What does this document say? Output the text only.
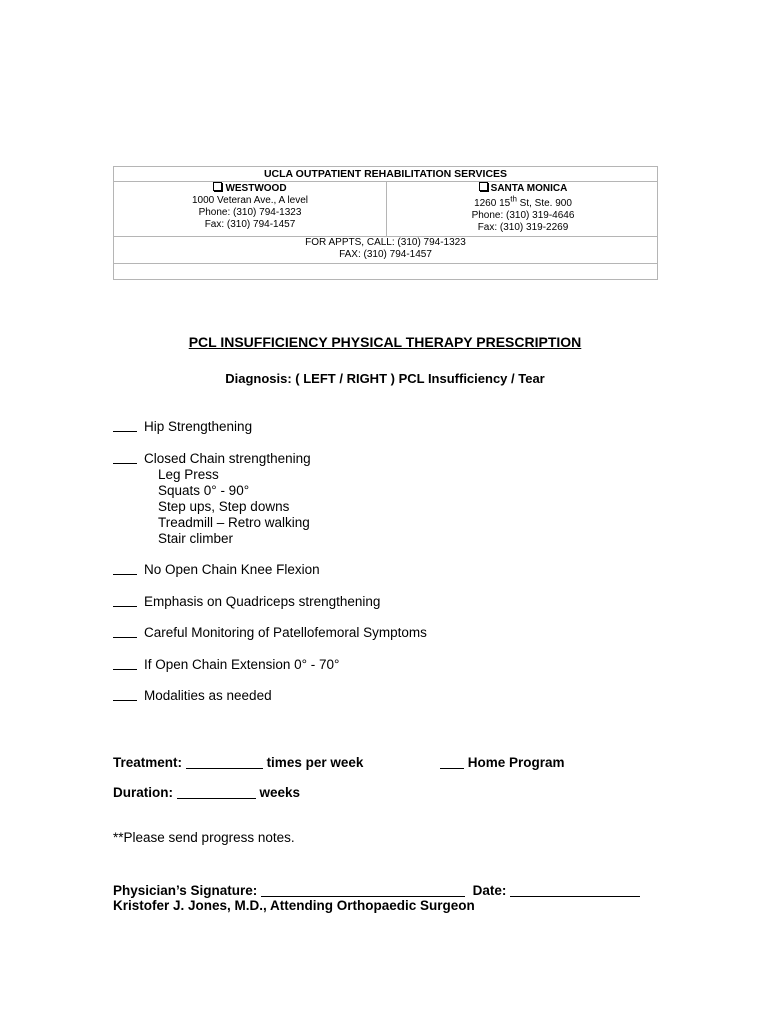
UCLA OUTPATIENT REHABILITATION SERVICES
WESTWOOD
1000 Veteran Ave., A level
Phone: (310) 794-1323
Fax: (310) 794-1457
SANTA MONICA
1260 15th St, Ste. 900
Phone: (310) 319-4646
Fax: (310) 319-2269
FOR APPTS, CALL: (310) 794-1323
FAX: (310) 794-1457
PCL INSUFFICIENCY PHYSICAL THERAPY PRESCRIPTION
Diagnosis: ( LEFT / RIGHT ) PCL Insufficiency / Tear
Hip Strengthening
Closed Chain strengthening
Leg Press
Squats 0° - 90°
Step ups, Step downs
Treadmill – Retro walking
Stair climber
No Open Chain Knee Flexion
Emphasis on Quadriceps strengthening
Careful Monitoring of Patellofemoral Symptoms
If Open Chain Extension 0° - 70°
Modalities as needed
Treatment:	times per week	Home Program
Duration:	weeks
**Please send progress notes.
Physician’s Signature:	Date:
Kristofer J. Jones, M.D., Attending Orthopaedic Surgeon
